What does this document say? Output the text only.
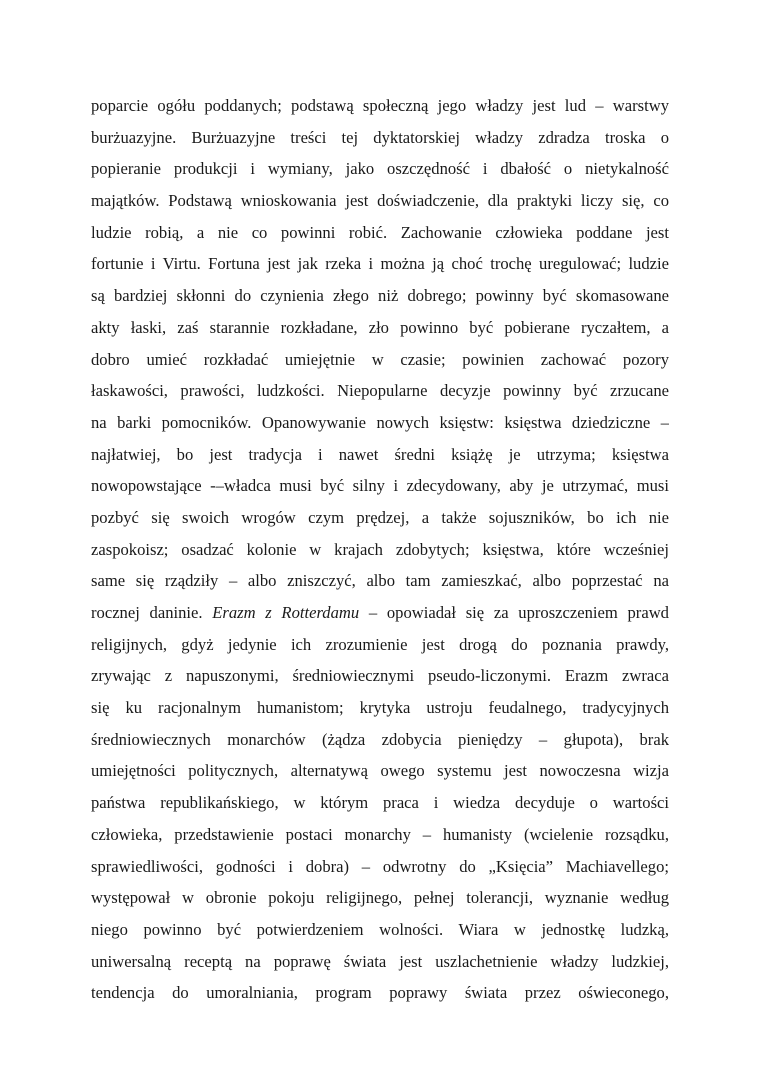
poparcie ogółu poddanych; podstawą społeczną jego władzy jest lud – warstwy
burżuazyjne. Burżuazyjne treści tej dyktatorskiej władzy zdradza troska o
popieranie produkcji i wymiany, jako oszczędność i dbałość o nietykalność
majątków. Podstawą wnioskowania jest doświadczenie, dla praktyki liczy się, co
ludzie robią, a nie co powinni robić. Zachowanie człowieka poddane jest
fortunie i Virtu. Fortuna jest jak rzeka i można ją choć trochę uregulować; ludzie
są bardziej skłonni do czynienia złego niż dobrego; powinny być skomasowane
akty łaski, zaś starannie rozkładane, zło powinno być pobierane ryczałtem, a
dobro umieć rozkładać umiejętnie w czasie; powinien zachować pozory
łaskawości, prawości, ludzkości. Niepopularne decyzje powinny być zrzucane
na barki pomocników. Opanowywanie nowych księstw: księstwa dziedziczne –
najłatwiej, bo jest tradycja i nawet średni książę je utrzyma; księstwa
nowopowstające -–władca musi być silny i zdecydowany, aby je utrzymać, musi
pozbyć się swoich wrogów czym prędzej, a także sojuszników, bo ich nie
zaspokoisz; osadzać kolonie w krajach zdobytych; księstwa, które wcześniej
same się rządziły – albo zniszczyć, albo tam zamieszkać, albo poprzestać na
rocznej daninie. Erazm z Rotterdamu – opowiadał się za uproszczeniem prawd
religijnych, gdyż jedynie ich zrozumienie jest drogą do poznania prawdy,
zrywając z napuszonymi, średniowiecznymi pseudo-liczonymi. Erazm zwraca
się ku racjonalnym humanistom; krytyka ustroju feudalnego, tradycyjnych
średniowiecznych monarchów (żądza zdobycia pieniędzy – głupota), brak
umiejętności politycznych, alternatywą owego systemu jest nowoczesna wizja
państwa republikańskiego, w którym praca i wiedza decyduje o wartości
człowieka, przedstawienie postaci monarchy – humanisty (wcielenie rozsądku,
sprawiedliwości, godności i dobra) – odwrotny do „Księcia” Machiavellego;
występował w obronie pokoju religijnego, pełnej tolerancji, wyznanie według
niego powinno być potwierdzeniem wolności. Wiara w jednostkę ludzką,
uniwersalną receptą na poprawę świata jest uszlachetnienie władzy ludzkiej,
tendencja do umoralniania, program poprawy świata przez oświeconego,
